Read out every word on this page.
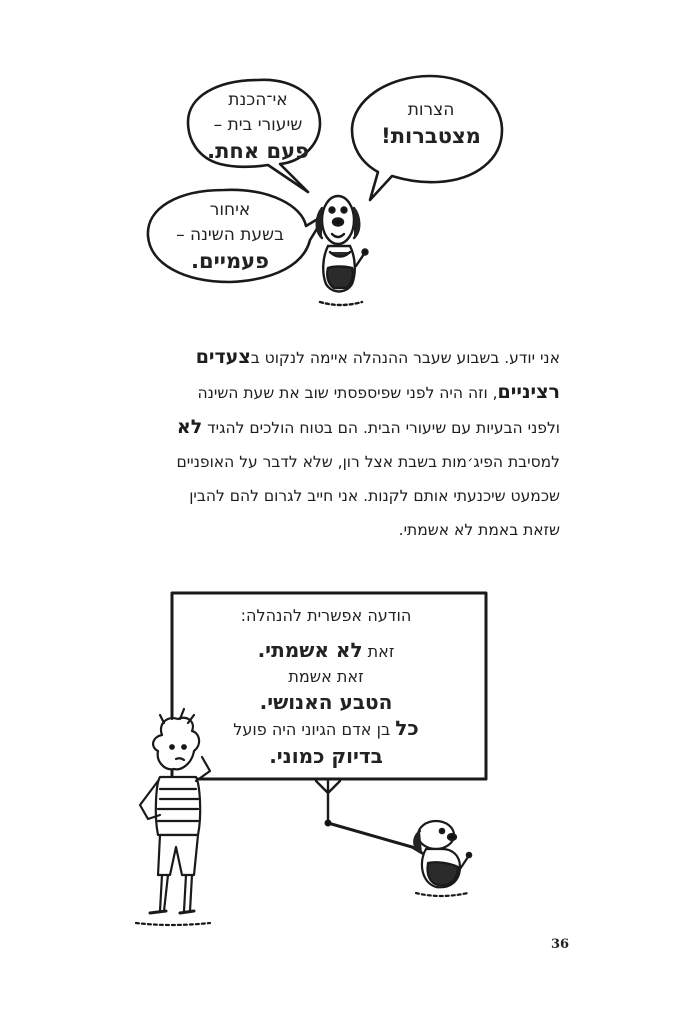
אי־הכנת
שיעורי בית –
פעם אחת.
הצרות
מצטברות!
איחור
בשעת השינה –
פעמיים.
אני יודע. בשבוע שעבר ההנהלה איימה לנקוט בצעדים
רציניים, וזה היה לפני שפיספסתי שוב את שעת השינה
ולפני הבעיות עם שיעורי הבית. הם בטוח הולכים להגיד לא
למסיבת הפיג׳מות בשבת אצל רון, שלא לדבר על האופניים
שכמעט שיכנעתי אותם לקנות. אני חייב לגרום להם להבין
שזאת באמת לא אשמתי.
הודעה אפשרית להנהלה:
זאת לא אשמתי.
זאת אשמת
הטבע האנושי.
כל בן אדם הגיוני היה פועל
בדיוק כמוני.
36
